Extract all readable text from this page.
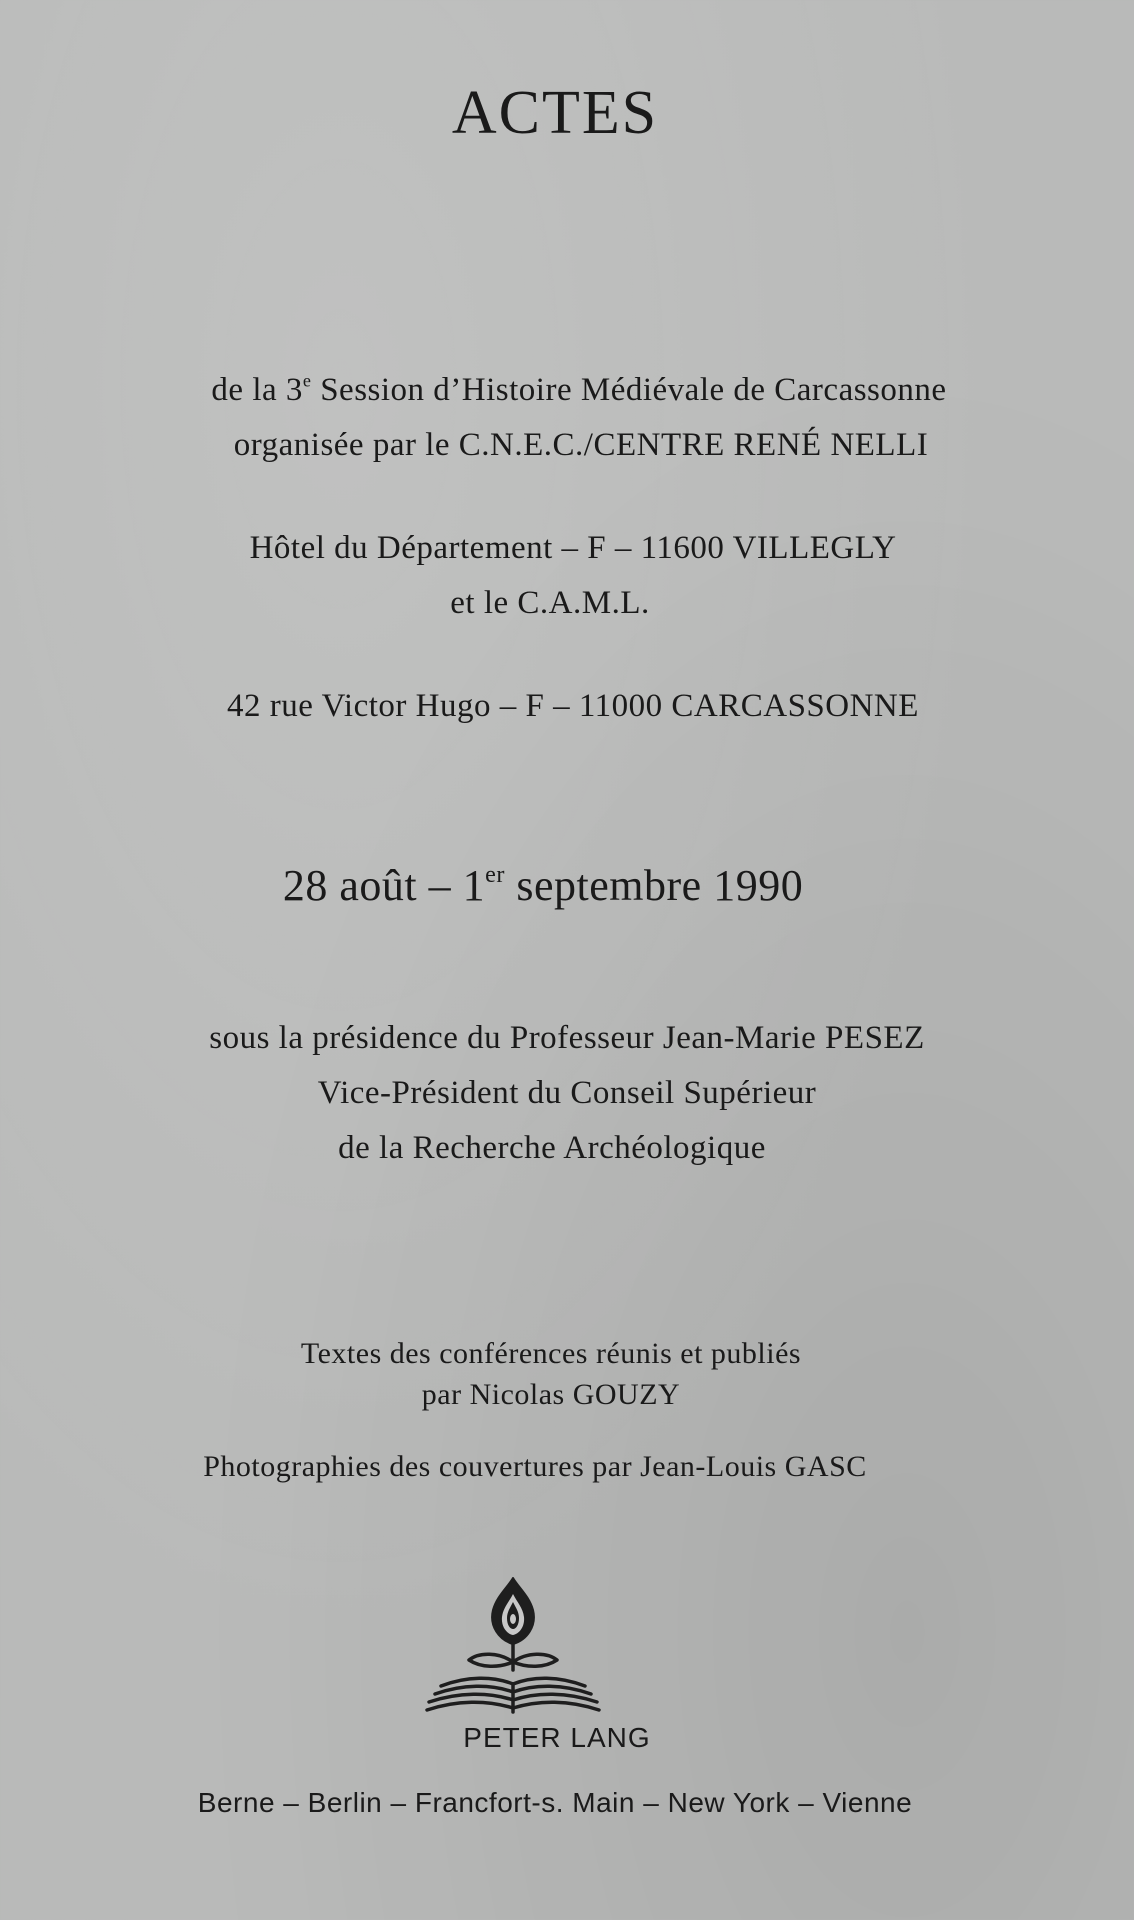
ACTES
de la 3e Session d’Histoire Médiévale de Carcassonne
organisée par le C.N.E.C./CENTRE RENÉ NELLI
Hôtel du Département – F – 11600 VILLEGLY
et le C.A.M.L.
42 rue Victor Hugo – F – 11000 CARCASSONNE
28 août – 1er septembre 1990
sous la présidence du Professeur Jean-Marie PESEZ
Vice-Président du Conseil Supérieur
de la Recherche Archéologique
Textes des conférences réunis et publiés
par Nicolas GOUZY
Photographies des couvertures par Jean-Louis GASC
PETER LANG
Berne – Berlin – Francfort-s. Main – New York – Vienne
